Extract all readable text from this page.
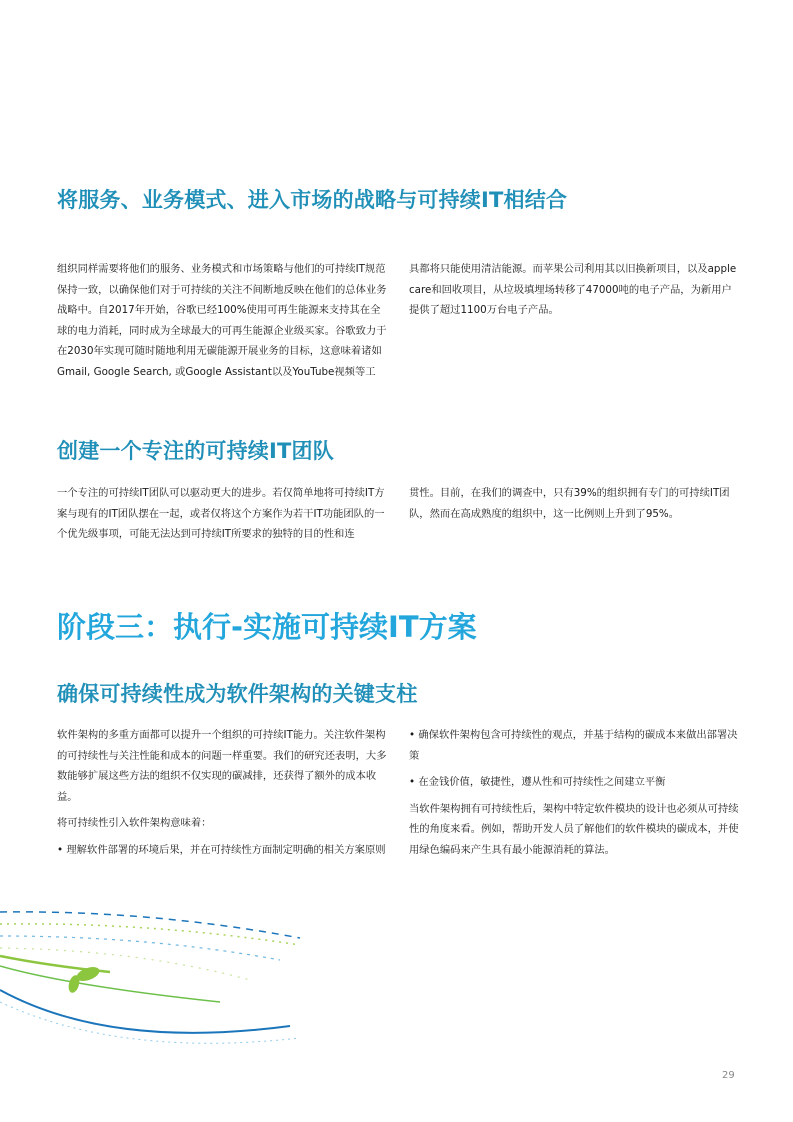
将服务、业务模式、进入市场的战略与可持续IT相结合

组织同样需要将他们的服务、业务模式和市场策略与他们的可持续IT规范保持一致，以确保他们对于可持续的关注不间断地反映在他们的总体业务战略中。自2017年开始，谷歌已经100%使用可再生能源来支持其在全球的电力消耗，同时成为全球最大的可再生能源企业级买家。谷歌致力于在2030年实现可随时随地利用无碳能源开展业务的目标，这意味着诸如Gmail, Google Search, 或Google Assistant以及YouTube视频等工

具都将只能使用清洁能源。而苹果公司利用其以旧换新项目，以及apple care和回收项目，从垃圾填埋场转移了47000吨的电子产品，为新用户提供了超过1100万台电子产品。

创建一个专注的可持续IT团队

一个专注的可持续IT团队可以驱动更大的进步。若仅简单地将可持续IT方案与现有的IT团队摆在一起，或者仅将这个方案作为若干IT功能团队的一个优先级事项，可能无法达到可持续IT所要求的独特的目的性和连

贯性。目前，在我们的调查中，只有39%的组织拥有专门的可持续IT团队，然而在高成熟度的组织中，这一比例则上升到了95%。

阶段三：执行-实施可持续IT方案
确保可持续性成为软件架构的关键支柱

软件架构的多重方面都可以提升一个组织的可持续IT能力。关注软件架构的可持续性与关注性能和成本的问题一样重要。我们的研究还表明，大多数能够扩展这些方法的组织不仅实现的碳减排，还获得了额外的成本收益。

将可持续性引入软件架构意味着：

• 理解软件部署的环境后果，并在可持续性方面制定明确的相关方案原则

• 确保软件架构包含可持续性的观点，并基于结构的碳成本来做出部署决策

• 在金钱价值，敏捷性，遵从性和可持续性之间建立平衡

当软件架构拥有可持续性后，架构中特定软件模块的设计也必须从可持续性的角度来看。例如，帮助开发人员了解他们的软件模块的碳成本，并使用绿色编码来产生具有最小能源消耗的算法。

29
